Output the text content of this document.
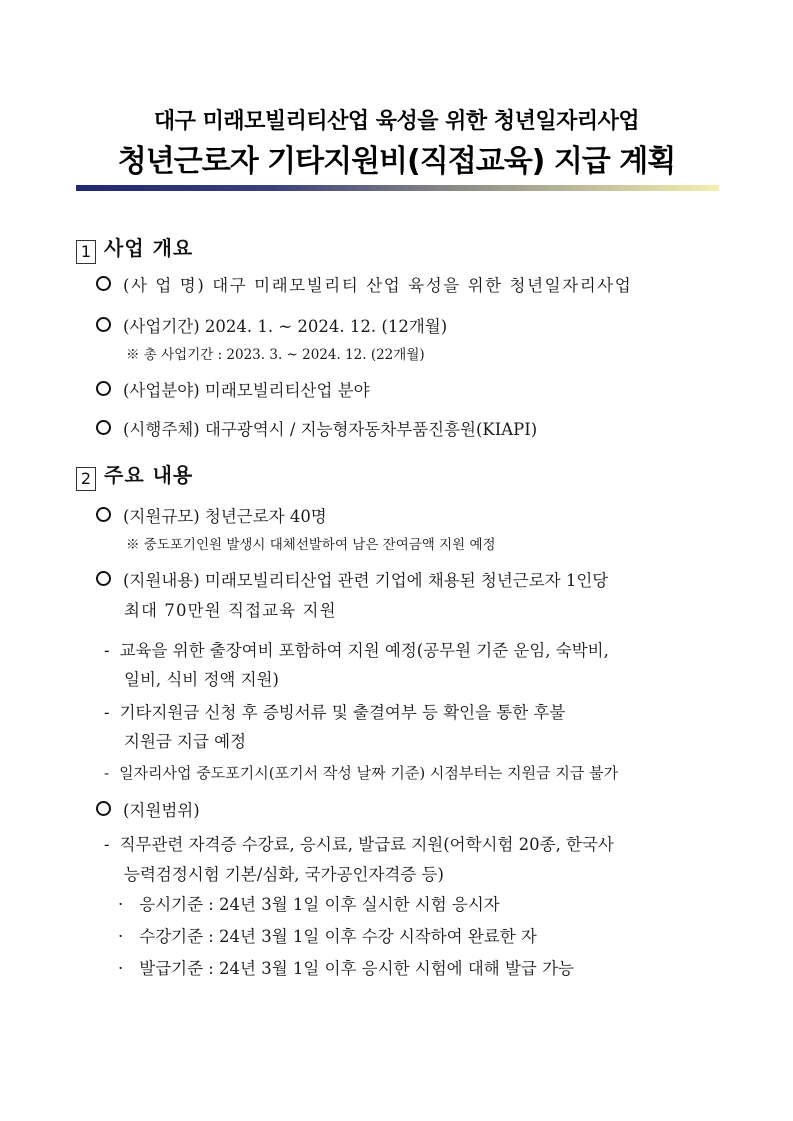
대구 미래모빌리티산업 육성을 위한 청년일자리사업
청년근로자 기타지원비(직접교육) 지급 계획
1 사업 개요
(사 업 명) 대구 미래모빌리티 산업 육성을 위한 청년일자리사업
(사업기간) 2024. 1. ~ 2024. 12. (12개월)
※ 총 사업기간 : 2023. 3. ~ 2024. 12. (22개월)
(사업분야) 미래모빌리티산업 분야
(시행주체) 대구광역시 / 지능형자동차부품진흥원(KIAPI)
2 주요 내용
(지원규모) 청년근로자 40명
※ 중도포기인원 발생시 대체선발하여 남은 잔여금액 지원 예정
(지원내용) 미래모빌리티산업 관련 기업에 채용된 청년근로자 1인당
최대 70만원 직접교육 지원
- 교육을 위한 출장여비 포함하여 지원 예정(공무원 기준 운임, 숙박비,
일비, 식비 정액 지원)
- 기타지원금 신청 후 증빙서류 및 출결여부 등 확인을 통한 후불
지원금 지급 예정
- 일자리사업 중도포기시(포기서 작성 날짜 기준) 시점부터는 지원금 지급 불가
(지원범위)
- 직무관련 자격증 수강료, 응시료, 발급료 지원(어학시험 20종, 한국사
능력검정시험 기본/심화, 국가공인자격증 등)
· 응시기준 : 24년 3월 1일 이후 실시한 시험 응시자
· 수강기준 : 24년 3월 1일 이후 수강 시작하여 완료한 자
· 발급기준 : 24년 3월 1일 이후 응시한 시험에 대해 발급 가능
